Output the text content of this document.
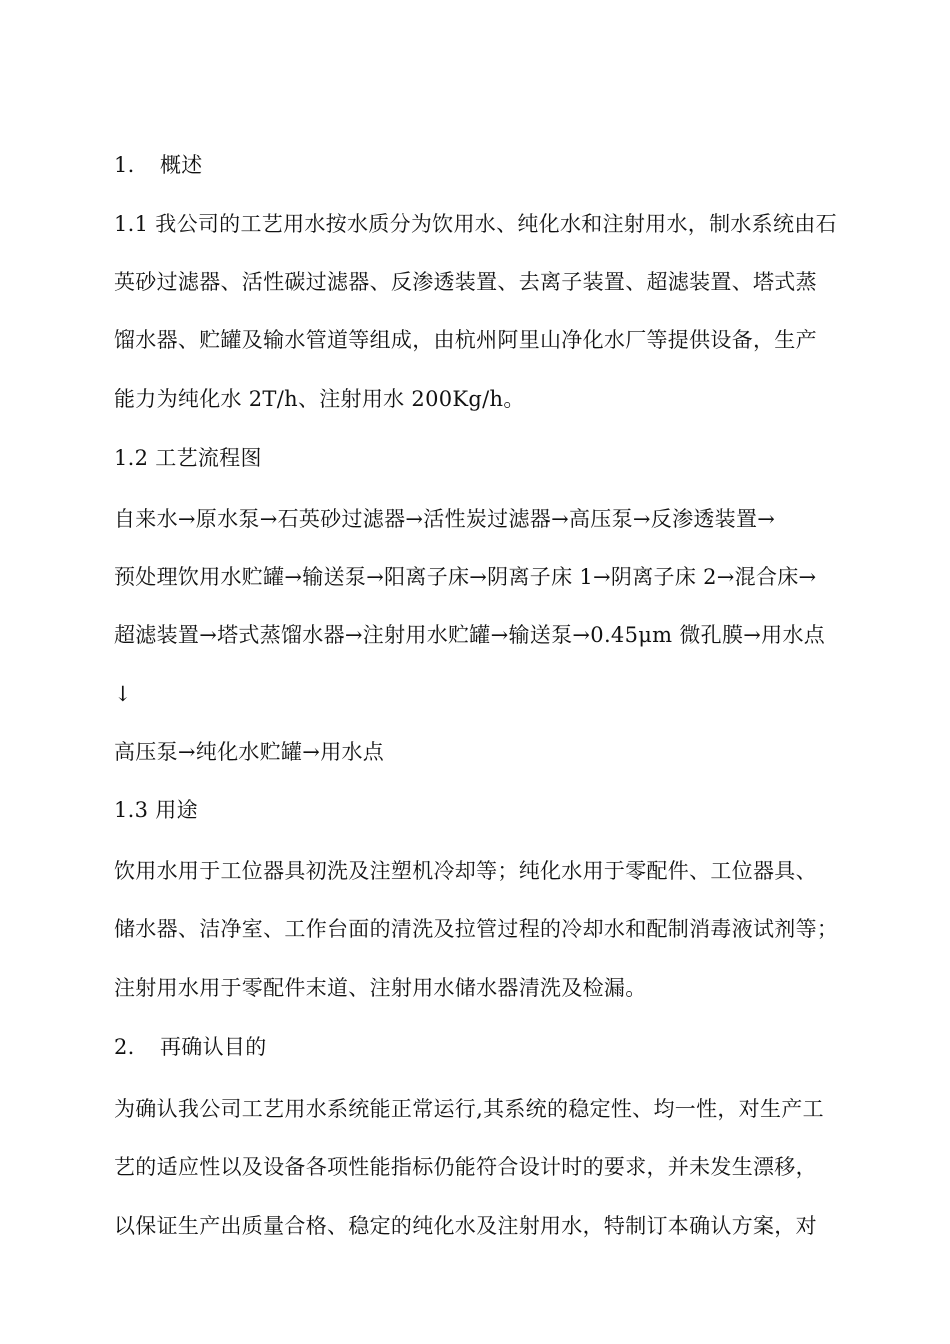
1. 概述
1.1 我公司的工艺用水按水质分为饮用水、纯化水和注射用水，制水系统由石
英砂过滤器、活性碳过滤器、反渗透装置、去离子装置、超滤装置、塔式蒸
馏水器、贮罐及输水管道等组成，由杭州阿里山净化水厂等提供设备，生产
能力为纯化水 2T/h、注射用水 200Kg/h。
1.2 工艺流程图
自来水→原水泵→石英砂过滤器→活性炭过滤器→高压泵→反渗透装置→
预处理饮用水贮罐→输送泵→阳离子床→阴离子床 1→阴离子床 2→混合床→
超滤装置→塔式蒸馏水器→注射用水贮罐→输送泵→0.45μm 微孔膜→用水点
↓
高压泵→纯化水贮罐→用水点
1.3 用途
饮用水用于工位器具初洗及注塑机冷却等；纯化水用于零配件、工位器具、
储水器、洁净室、工作台面的清洗及拉管过程的冷却水和配制消毒液试剂等；
注射用水用于零配件末道、注射用水储水器清洗及检漏。
2. 再确认目的
为确认我公司工艺用水系统能正常运行,其系统的稳定性、均一性，对生产工
艺的适应性以及设备各项性能指标仍能符合设计时的要求，并未发生漂移，
以保证生产出质量合格、稳定的纯化水及注射用水，特制订本确认方案，对
